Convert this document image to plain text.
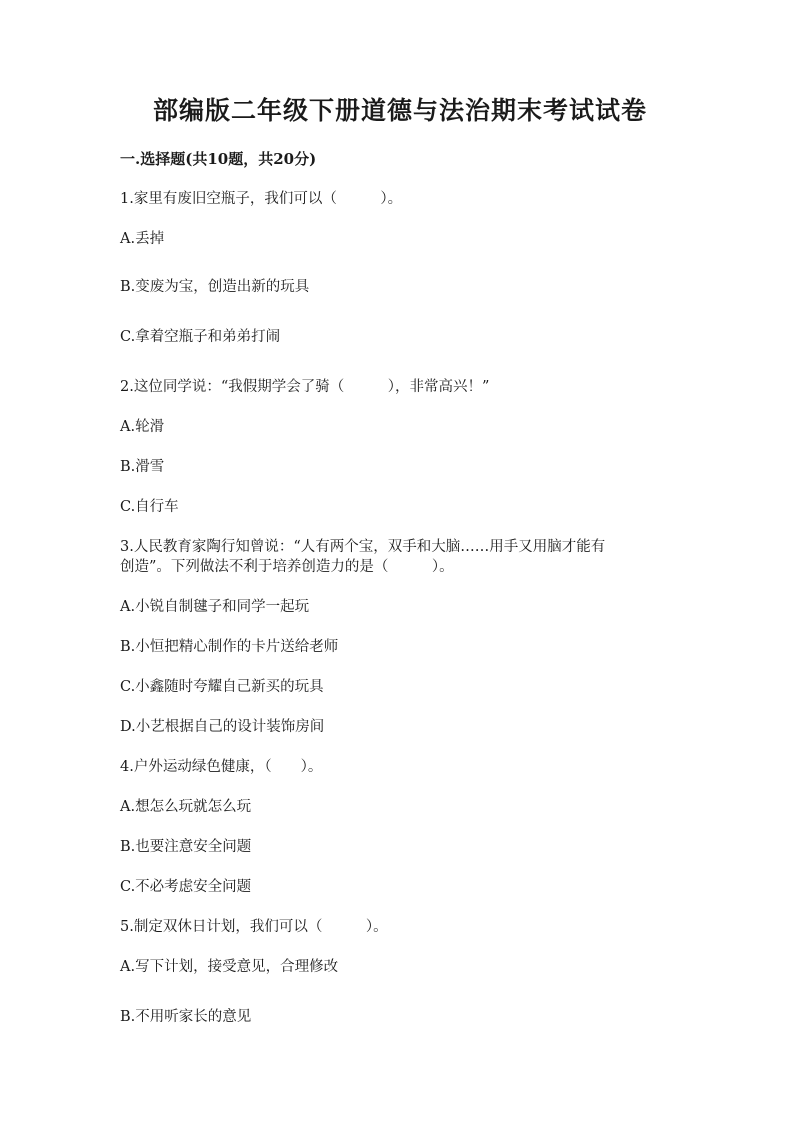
部编版二年级下册道德与法治期末考试试卷
一.选择题(共10题，共20分)
1.家里有废旧空瓶子，我们可以（　　　）。
A.丢掉
B.变废为宝，创造出新的玩具
C.拿着空瓶子和弟弟打闹
2.这位同学说：“我假期学会了骑（　　　），非常高兴！”
A.轮滑
B.滑雪
C.自行车
3.人民教育家陶行知曾说：“人有两个宝，双手和大脑……用手又用脑才能有
创造”。下列做法不利于培养创造力的是（　　　）。
A.小锐自制毽子和同学一起玩
B.小恒把精心制作的卡片送给老师
C.小鑫随时夸耀自己新买的玩具
D.小艺根据自己的设计装饰房间
4.户外运动绿色健康，（　　）。
A.想怎么玩就怎么玩
B.也要注意安全问题
C.不必考虑安全问题
5.制定双休日计划，我们可以（　　　）。
A.写下计划，接受意见，合理修改
B.不用听家长的意见
